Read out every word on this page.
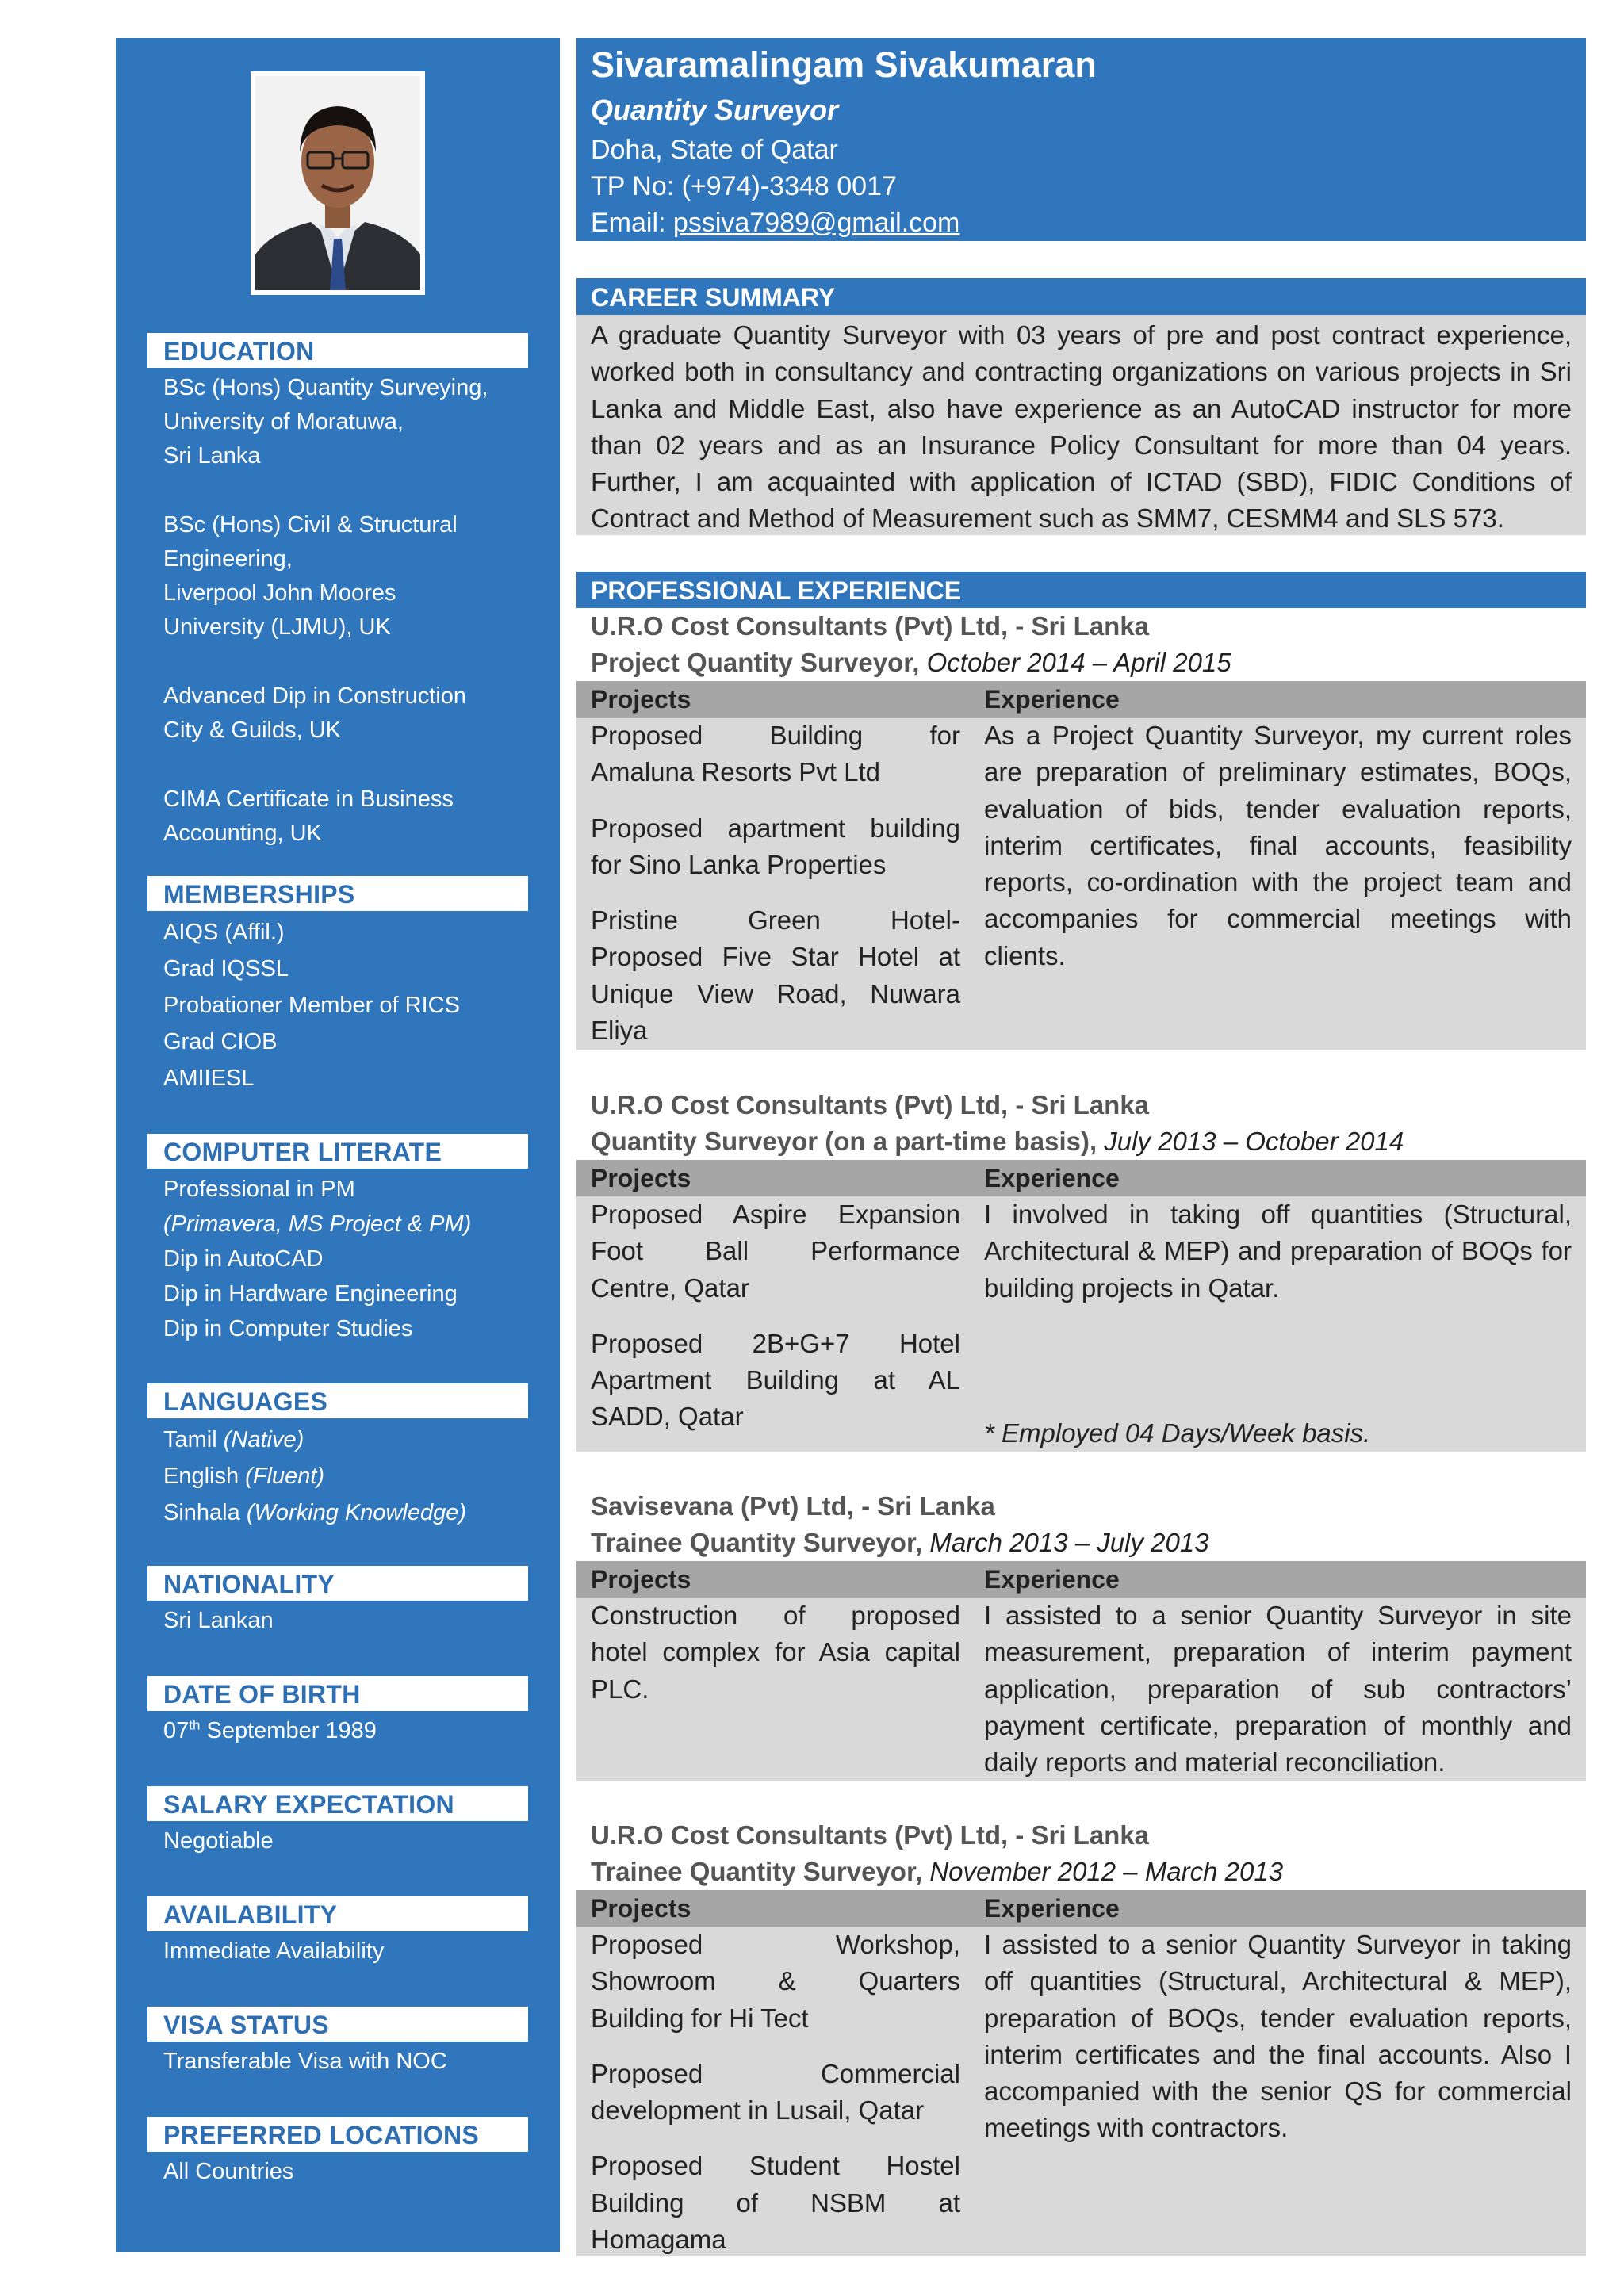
EDUCATION
BSc (Hons) Quantity Surveying,
University of Moratuwa,
Sri Lanka
BSc (Hons) Civil & Structural
Engineering,
Liverpool John Moores
University (LJMU), UK
Advanced Dip in Construction
City & Guilds, UK
CIMA Certificate in Business
Accounting, UK
MEMBERSHIPS
AIQS (Affil.)
Grad IQSSL
Probationer Member of RICS
Grad CIOB
AMIIESL
COMPUTER LITERATE
Professional in PM
(Primavera, MS Project & PM)
Dip in AutoCAD
Dip in Hardware Engineering
Dip in Computer Studies
LANGUAGES
Tamil (Native)
English (Fluent)
Sinhala (Working Knowledge)
NATIONALITY
Sri Lankan
DATE OF BIRTH
07th September 1989
SALARY EXPECTATION
Negotiable
AVAILABILITY
Immediate Availability
VISA STATUS
Transferable Visa with NOC
PREFERRED LOCATIONS
All Countries
Sivaramalingam Sivakumaran
Quantity Surveyor
Doha, State of Qatar
TP No: (+974)-3348 0017
Email: pssiva7989@gmail.com
CAREER SUMMARY
A graduate Quantity Surveyor with 03 years of pre and post contract experience, worked both in consultancy and contracting organizations on various projects in Sri Lanka and Middle East, also have experience as an AutoCAD instructor for more than 02 years and as an Insurance Policy Consultant for more than 04 years. Further, I am acquainted with application of ICTAD (SBD), FIDIC Conditions of Contract and Method of Measurement such as SMM7, CESMM4 and SLS 573.
PROFESSIONAL EXPERIENCE
U.R.O Cost Consultants (Pvt) Ltd, - Sri Lanka
Project Quantity Surveyor, October 2014 – April 2015
Projects	Experience
Proposed Building for
Amaluna Resorts Pvt Ltd
Proposed apartment building
for Sino Lanka Properties
Pristine Green Hotel-
Proposed Five Star Hotel at
Unique View Road, Nuwara
Eliya
As a Project Quantity Surveyor, my current roles are preparation of preliminary estimates, BOQs, evaluation of bids, tender evaluation reports, interim certificates, final accounts, feasibility reports, co-ordination with the project team and accompanies for commercial meetings with clients.
U.R.O Cost Consultants (Pvt) Ltd, - Sri Lanka
Quantity Surveyor (on a part-time basis), July 2013 – October 2014
Projects	Experience
Proposed Aspire Expansion
Foot Ball Performance
Centre, Qatar
Proposed 2B+G+7 Hotel
Apartment Building at AL
SADD, Qatar
I involved in taking off quantities (Structural, Architectural & MEP) and preparation of BOQs for building projects in Qatar.
* Employed 04 Days/Week basis.
Savisevana (Pvt) Ltd, - Sri Lanka
Trainee Quantity Surveyor, March 2013 – July 2013
Projects	Experience
Construction of proposed
hotel complex for Asia capital
PLC.
I assisted to a senior Quantity Surveyor in site measurement, preparation of interim payment application, preparation of sub contractors’ payment certificate, preparation of monthly and daily reports and material reconciliation.
U.R.O Cost Consultants (Pvt) Ltd, - Sri Lanka
Trainee Quantity Surveyor, November 2012 – March 2013
Projects	Experience
Proposed Workshop,
Showroom & Quarters
Building for Hi Tect
Proposed Commercial
development in Lusail, Qatar
Proposed Student Hostel
Building of NSBM at
Homagama
I assisted to a senior Quantity Surveyor in taking off quantities (Structural, Architectural & MEP), preparation of BOQs, tender evaluation reports, interim certificates and the final accounts. Also I accompanied with the senior QS for commercial meetings with contractors.
